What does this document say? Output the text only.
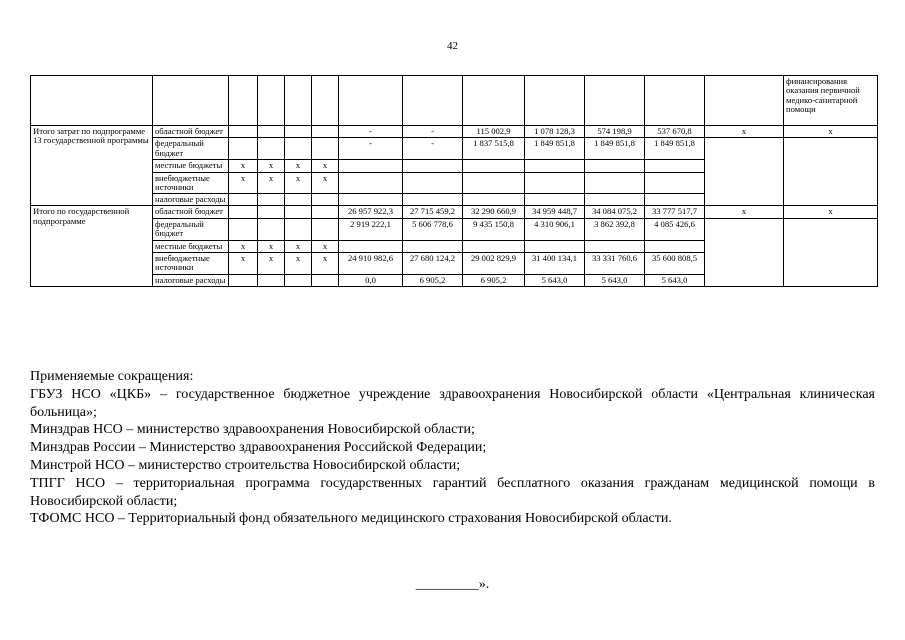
42
													финансирования оказания первичной медико-санитарной помощи
Итого затрат по подпрограмме 13 государственной программы	областной бюджет					-	-	115 002,9	1 078 128,3	574 198,9	537 670,8	х	х
	федеральный бюджет					-	-	1 837 515,8	1 849 851,8	1 849 851,8	1 849 851,8		
	местные бюджеты	х	х	х	х								
	внебюджетные источники	х	х	х	х								
	налоговые расходы												
Итого по государственной подпрограмме	областной бюджет					26 957 922,3	27 715 459,2	32 290 660,9	34 959 448,7	34 084 075,2	33 777 517,7	х	х
	федеральный бюджет					2 919 222,1	5 606 778,6	9 435 150,8	4 310 906,1	3 862 392,8	4 085 426,6		
	местные бюджеты	х	х	х	х								
	внебюджетные источники	х	х	х	х	24 910 982,6	27 680 124,2	29 002 829,9	31 400 134,1	33 331 760,6	35 600 808,5		
	налоговые расходы					0,0	6 905,2	6 905,2	5 643,0	5 643,0	5 643,0		

Применяемые сокращения:

ГБУЗ НСО «ЦКБ» – государственное бюджетное учреждение здравоохранения Новосибирской области «Центральная клиническая больница»;

Минздрав НСО – министерство здравоохранения Новосибирской области;

Минздрав России – Министерство здравоохранения Российской Федерации;

Минстрой НСО – министерство строительства Новосибирской области;

ТПГГ НСО – территориальная программа государственных гарантий бесплатного оказания гражданам медицинской помощи в Новосибирской области;

ТФОМС НСО – Территориальный фонд обязательного медицинского страхования Новосибирской области.

_________».
